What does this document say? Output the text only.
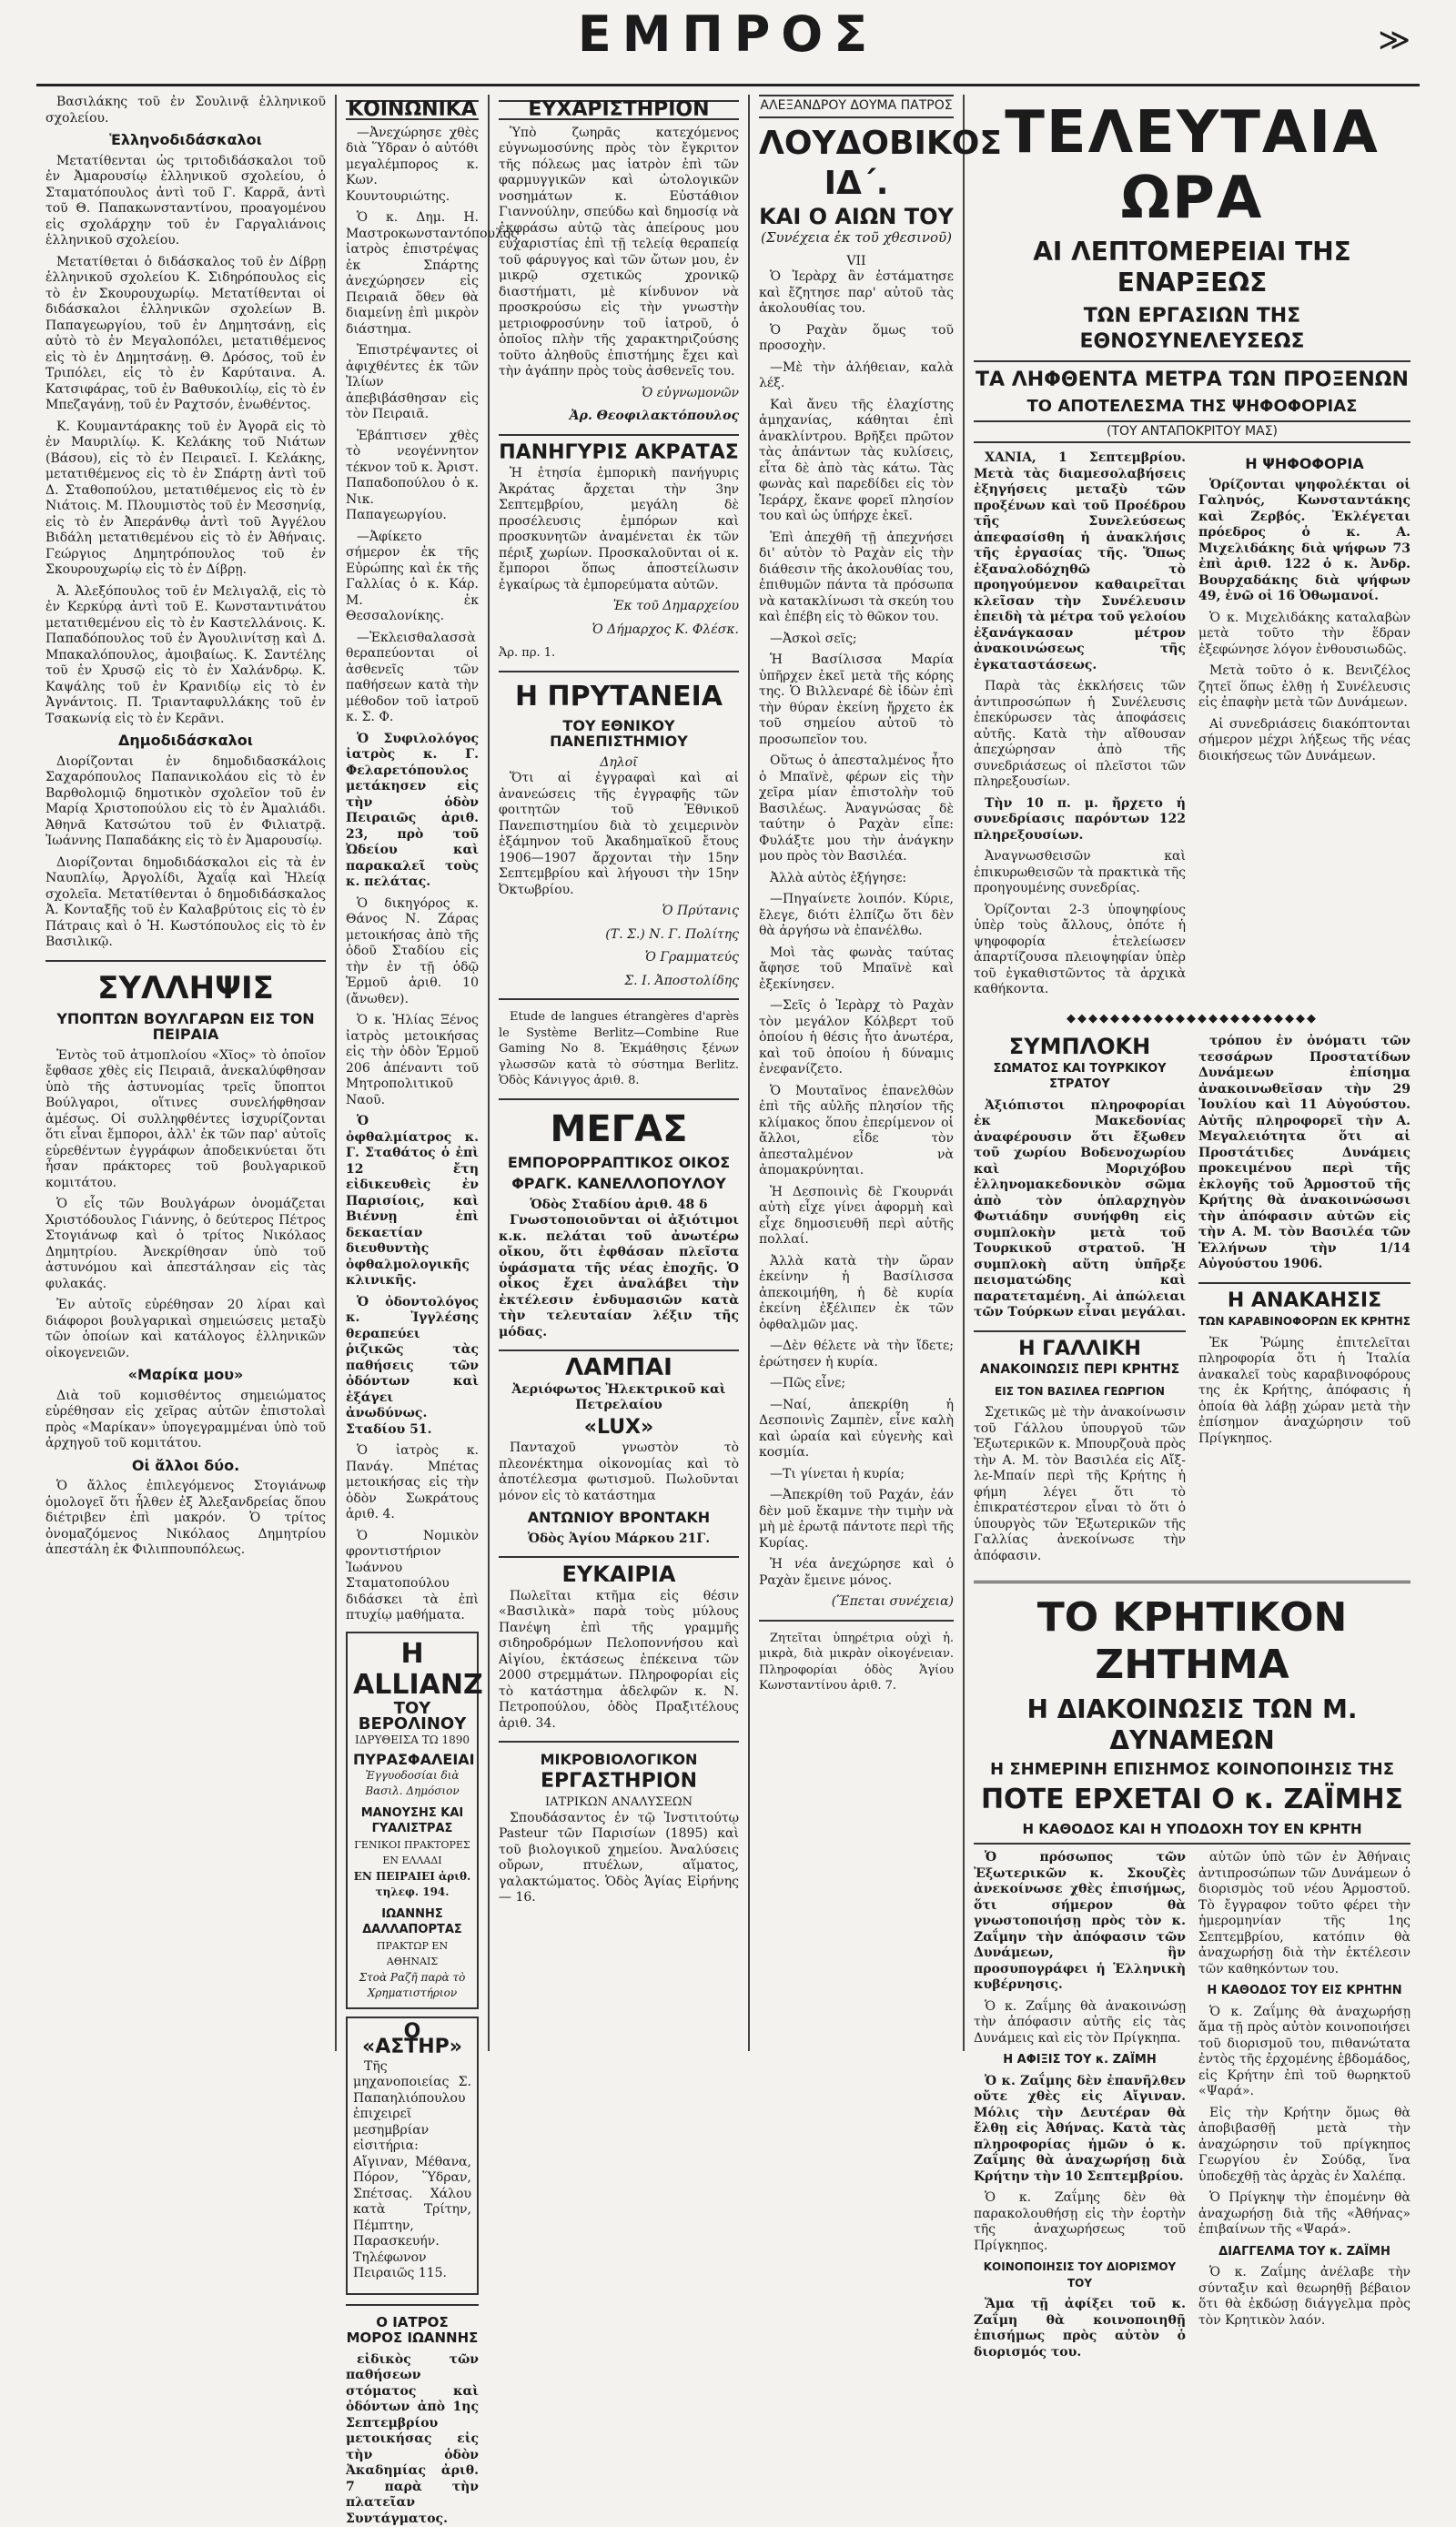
ΕΜΠΡΟΣ	≫

Βασιλάκης τοῦ ἐν Σουλινᾷ ἑλληνικοῦ σχολείου.

Ἑλληνοδιδάσκαλοι

Μετατίθενται ὡς τριτοδιδάσκαλοι τοῦ ἐν Ἀμαρουσίῳ ἑλληνικοῦ σχολείου, ὁ Σταματόπουλος ἀντὶ τοῦ Γ. Καρρᾶ, ἀντὶ τοῦ Θ. Παπακωνσταντίνου, προαγομένου εἰς σχολάρχην τοῦ ἐν Γαργαλιάνοις ἑλληνικοῦ σχολείου.

Μετατίθεται ὁ διδάσκαλος τοῦ ἐν Δίβρῃ ἑλληνικοῦ σχολείου Κ. Σιδηρόπουλος εἰς τὸ ἐν Σκουρουχωρίῳ. Μετατίθενται οἱ διδάσκαλοι ἑλληνικῶν σχολείων Β. Παπαγεωργίου, τοῦ ἐν Δημητσάνῃ, εἰς αὐτὸ τὸ ἐν Μεγαλοπόλει, μετατιθέμενος εἰς τὸ ἐν Δημητσάνῃ. Θ. Δρόσος, τοῦ ἐν Τριπόλει, εἰς τὸ ἐν Καρύταινα. Α. Κατσιφάρας, τοῦ ἐν Βαθυκοιλίῳ, εἰς τὸ ἐν Μπεζαγάνῃ, τοῦ ἐν Ραχτσόν, ἑνωθέντος.

Κ. Κουμαντάρακης τοῦ ἐν Ἀγορᾶ εἰς τὸ ἐν Μαυριλίῳ. Κ. Κελάκης τοῦ Νιάτων (Βάσου), εἰς τὸ ἐν Πειραιεῖ. Ι. Κελάκης, μετατιθέμενος εἰς τὸ ἐν Σπάρτῃ ἀντὶ τοῦ Δ. Σταθοπούλου, μετατιθέμενος εἰς τὸ ἐν Νιάτοις. Μ. Πλουμιστὸς τοῦ ἐν Μεσσηνίᾳ, εἰς τὸ ἐν Ἀπεράνθῳ ἀντὶ τοῦ Ἀγγέλου Βιδάλη μετατιθεμένου εἰς τὸ ἐν Ἀθήναις. Γεώργιος Δημητρόπουλος τοῦ ἐν Σκουρουχωρίῳ εἰς τὸ ἐν Δίβρῃ.

Ἀ. Ἀλεξόπουλος τοῦ ἐν Μελιγαλᾷ, εἰς τὸ ἐν Κερκύρᾳ ἀντὶ τοῦ Ε. Κωνσταντινάτου μετατιθεμένου εἰς τὸ ἐν Καστελλάνοις. Κ. Παπαδόπουλος τοῦ ἐν Ἀγουλινίτσῃ καὶ Δ. Μπακαλόπουλος, ἀμοιβαίως. Κ. Σαντέλης τοῦ ἐν Χρυσῷ εἰς τὸ ἐν Χαλάνδρῳ. Κ. Καψάλης τοῦ ἐν Κρανιδίῳ εἰς τὸ ἐν Ἀγνάντοις. Π. Τριανταφυλλάκης τοῦ ἐν Τσακωνίᾳ εἰς τὸ ἐν Κερᾶνι.

Δημοδιδάσκαλοι

Διορίζονται ἐν δημοδιδασκάλοις Σαχαρόπουλος Παπανικολάου εἰς τὸ ἐν Βαρθολομιῷ δημοτικὸν σχολεῖον τοῦ ἐν Μαρίᾳ Χριστοπούλου εἰς τὸ ἐν Ἀμαλιάδι. Ἀθηνᾶ Κατσώτου τοῦ ἐν Φιλιατρᾷ. Ἰωάννης Παπαδάκης εἰς τὸ ἐν Ἀμαρουσίῳ.

Διορίζονται δημοδιδάσκαλοι εἰς τὰ ἐν Ναυπλίῳ, Ἀργολίδι, Ἀχαΐᾳ καὶ Ἠλείᾳ σχολεῖα. Μετατίθενται ὁ δημοδιδάσκαλος Ἀ. Κονταξῆς τοῦ ἐν Καλαβρύτοις εἰς τὸ ἐν Πάτραις καὶ ὁ Ἠ. Κωστόπουλος εἰς τὸ ἐν Βασιλικῷ.

ΣΥΛΛΗΨΙΣ
ΥΠΟΠΤΩΝ ΒΟΥΛΓΑΡΩΝ ΕΙΣ ΤΟΝ ΠΕΙΡΑΙΑ

Ἐντὸς τοῦ ἀτμοπλοίου «Χῖος» τὸ ὁποῖον ἔφθασε χθὲς εἰς Πειραιᾶ, ἀνεκαλύφθησαν ὑπὸ τῆς ἀστυνομίας τρεῖς ὕποπτοι Βούλγαροι, οἵτινες συνελήφθησαν ἀμέσως. Οἱ συλληφθέντες ἰσχυρίζονται ὅτι εἶναι ἔμποροι, ἀλλ' ἐκ τῶν παρ' αὐτοῖς εὑρεθέντων ἐγγράφων ἀποδεικνύεται ὅτι ἦσαν πράκτορες τοῦ βουλγαρικοῦ κομιτάτου.

Ὁ εἷς τῶν Βουλγάρων ὀνομάζεται Χριστόδουλος Γιάννης, ὁ δεύτερος Πέτρος Στογιάνωφ καὶ ὁ τρίτος Νικόλαος Δημητρίου. Ἀνεκρίθησαν ὑπὸ τοῦ ἀστυνόμου καὶ ἀπεστάλησαν εἰς τὰς φυλακάς.

Ἐν αὐτοῖς εὑρέθησαν 20 λίραι καὶ διάφοροι βουλγαρικαὶ σημειώσεις μεταξὺ τῶν ὁποίων καὶ κατάλογος ἑλληνικῶν οἰκογενειῶν.

«Μαρίκα μου»

Διὰ τοῦ κομισθέντος σημειώματος εὑρέθησαν εἰς χεῖρας αὐτῶν ἐπιστολαὶ πρὸς «Μαρίκαν» ὑπογεγραμμέναι ὑπὸ τοῦ ἀρχηγοῦ τοῦ κομιτάτου.

Οἱ ἄλλοι δύο.

Ὁ ἄλλος ἐπιλεγόμενος Στογιάνωφ ὁμολογεῖ ὅτι ἦλθεν ἐξ Ἀλεξανδρείας ὅπου διέτριβεν ἐπὶ μακρόν. Ὁ τρίτος ὀνομαζόμενος Νικόλαος Δημητρίου ἀπεστάλη ἐκ Φιλιππουπόλεως.

ΚΟΙΝΩΝΙΚΑ

—Ἀνεχώρησε χθὲς διὰ Ὕδραν ὁ αὐτόθι μεγαλέμπορος κ. Κων. Κουντουριώτης.

Ὁ κ. Δημ. Η. Μαστροκωνσταντόπουλος ἰατρὸς ἐπιστρέψας ἐκ Σπάρτης ἀνεχώρησεν εἰς Πειραιᾶ ὅθεν θὰ διαμείνῃ ἐπὶ μικρὸν διάστημα.

Ἐπιστρέψαντες οἱ ἀφιχθέντες ἐκ τῶν Ἰλίων ἀπεβιβάσθησαν εἰς τὸν Πειραιᾶ.

Ἐβάπτισεν χθὲς τὸ νεογέννητον τέκνον τοῦ κ. Ἀριστ. Παπαδοπούλου ὁ κ. Νικ. Παπαγεωργίου.

—Ἀφίκετο σήμερον ἐκ τῆς Εὐρώπης καὶ ἐκ τῆς Γαλλίας ὁ κ. Κάρ. Μ. ἐκ Θεσσαλονίκης.

—Ἐκλεισθαλασσὰ θεραπεύονται οἱ ἀσθενεῖς τῶν παθήσεων κατὰ τὴν μέθοδον τοῦ ἰατροῦ κ. Σ. Φ.

Ὁ Συφιλολόγος ἰατρὸς κ. Γ. Φελαρετόπουλος μετάκησεν εἰς τὴν ὁδὸν Πειραιῶς ἀριθ. 23, πρὸ τοῦ Ὠδείου καὶ παρακαλεῖ τοὺς κ. πελάτας.

Ὁ δικηγόρος κ. Θάνος Ν. Ζάρας μετοικήσας ἀπὸ τῆς ὁδοῦ Σταδίου εἰς τὴν ἐν τῇ ὁδῷ Ἑρμοῦ ἀριθ. 10 (ἄνωθεν).

Ὁ κ. Ἠλίας Ξένος ἰατρὸς μετοικήσας εἰς τὴν ὁδὸν Ἑρμοῦ 206 ἀπέναντι τοῦ Μητροπολιτικοῦ Ναοῦ.

Ὁ ὀφθαλμίατρος κ. Γ. Σταθάτος ὁ ἐπὶ 12 ἔτη εἰδικευθεὶς ἐν Παρισίοις, καὶ Βιέννῃ ἐπὶ δεκαετίαν διευθυντὴς ὀφθαλμολογικῆς κλινικῆς.

Ὁ ὀδοντολόγος κ. Ἰγγλέσης θεραπεύει ῥιζικῶς τὰς παθήσεις τῶν ὀδόντων καὶ ἐξάγει ἀνωδύνως. Σταδίου 51.

Ὁ ἰατρὸς κ. Πανάγ. Μπέτας μετοικήσας εἰς τὴν ὁδὸν Σωκράτους ἀριθ. 4.

Ὁ Νομικὸν φροντιστήριον Ἰωάννου Σταματοπούλου διδάσκει τὰ ἐπὶ πτυχίῳ μαθήματα.

Η ALLIANZ
ΤΟΥ ΒΕΡΟΛΙΝΟΥ
ΙΔΡΥΘΕΙΣΑ ΤΩ 1890
ΠΥΡΑΣΦΑΛΕΙΑΙ
Ἐγγυοδοσίαι διὰ Βασιλ. Δημόσιον
ΜΑΝΟΥΣΗΣ ΚΑΙ ΓΥΑΛΙΣΤΡΑΣ
ΓΕΝΙΚΟΙ ΠΡΑΚΤΟΡΕΣ ΕΝ ΕΛΛΑΔΙ
ΕΝ ΠΕΙΡΑΙΕΙ ἀριθ. τηλεφ. 194.
ΙΩΑΝΝΗΣ ΔΑΛΛΑΠΟΡΤΑΣ
ΠΡΑΚΤΩΡ ΕΝ ΑΘΗΝΑΙΣ
Στοὰ Ραζῆ παρὰ τὸ Χρηματιστήριον
Ο «ΑΣΤΗΡ»

Τῆς μηχανοποιείας Σ. Παπαηλιόπουλου ἐπιχειρεῖ μεσημβρίαν εἰσιτήρια: Αἴγιναν, Μέθανα, Πόρον, Ὕδραν, Σπέτσας. Χάλου κατὰ Τρίτην, Πέμπτην, Παρασκευήν. Τηλέφωνον Πειραιῶς 115.

Ο ΙΑΤΡΟΣ ΜΟΡΟΣ ΙΩΑΝΝΗΣ

εἰδικὸς τῶν παθήσεων στόματος καὶ ὀδόντων ἀπὸ 1ης Σεπτεμβρίου μετοικήσας εἰς τὴν ὁδὸν Ἀκαδημίας ἀριθ. 7 παρὰ τὴν πλατεῖαν Συντάγματος.

ΕΥΧΑΡΙΣΤΗΡΙΟΝ

Ὑπὸ ζωηρᾶς κατεχόμενος εὐγνωμοσύνης πρὸς τὸν ἔγκριτον τῆς πόλεως μας ἰατρὸν ἐπὶ τῶν φαρμυγγικῶν καὶ ὠτολογικῶν νοσημάτων κ. Εὐστάθιον Γιαννούλην, σπεύδω καὶ δημοσίᾳ νὰ ἐκφράσω αὐτῷ τὰς ἀπείρους μου εὐχαριστίας ἐπὶ τῇ τελείᾳ θεραπείᾳ τοῦ φάρυγγος καὶ τῶν ὤτων μου, ἐν μικρῷ σχετικῶς χρονικῷ διαστήματι, μὲ κίνδυνον νὰ προσκρούσω εἰς τὴν γνωστὴν μετριοφροσύνην τοῦ ἰατροῦ, ὁ ὁποῖος πλὴν τῆς χαρακτηριζούσης τοῦτο ἀληθοῦς ἐπιστήμης ἔχει καὶ τὴν ἀγάπην πρὸς τοὺς ἀσθενεῖς του.

Ὁ εὐγνωμονῶν
Ἀρ. Θεοφιλακτόπουλος
ΠΑΝΗΓΥΡΙΣ ΑΚΡΑΤΑΣ

Ἡ ἐτησία ἐμπορικὴ πανήγυρις Ἀκράτας ἄρχεται τὴν 3ην Σεπτεμβρίου, μεγάλη δὲ προσέλευσις ἐμπόρων καὶ προσκυνητῶν ἀναμένεται ἐκ τῶν πέριξ χωρίων. Προσκαλοῦνται οἱ κ. ἔμποροι ὅπως ἀποστείλωσιν ἐγκαίρως τὰ ἐμπορεύματα αὐτῶν.

Ἐκ τοῦ Δημαρχείου
Ὁ Δήμαρχος Κ. Φλέσκ.
Ἀρ. πρ. 1.
Η ΠΡΥΤΑΝΕΙΑ
ΤΟΥ ΕΘΝΙΚΟΥ ΠΑΝΕΠΙΣΤΗΜΙΟΥ
Δηλοῖ

Ὅτι αἱ ἐγγραφαὶ καὶ αἱ ἀνανεώσεις τῆς ἐγγραφῆς τῶν φοιτητῶν τοῦ Ἐθνικοῦ Πανεπιστημίου διὰ τὸ χειμερινὸν ἑξάμηνον τοῦ Ἀκαδημαϊκοῦ ἔτους 1906—1907 ἄρχονται τὴν 15ην Σεπτεμβρίου καὶ λήγουσι τὴν 15ην Ὀκτωβρίου.

Ὁ Πρύτανις
(Τ. Σ.) Ν. Γ. Πολίτης
Ὁ Γραμματεύς
Σ. Ι. Ἀποστολίδης

Etude de langues étrangères d'après le Système Berlitz—Combine Rue Gaming No 8. Ἐκμάθησις ξένων γλωσσῶν κατὰ τὸ σύστημα Berlitz. Ὁδὸς Κάνιγγος ἀριθ. 8.

ΜΕΓΑΣ
ΕΜΠΟΡΟΡΡΑΠΤΙΚΟΣ ΟΙΚΟΣ
ΦΡΑΓΚ. ΚΑΝΕΛΛΟΠΟΥΛΟΥ
Ὁδὸς Σταδίου ἀριθ. 48 δ

Γνωστοποιοῦνται οἱ ἀξιότιμοι κ.κ. πελάται τοῦ ἀνωτέρω οἴκου, ὅτι ἐφθάσαν πλεῖστα ὑφάσματα τῆς νέας ἐποχῆς. Ὁ οἶκος ἔχει ἀναλάβει τὴν ἐκτέλεσιν ἐνδυμασιῶν κατὰ τὴν τελευταίαν λέξιν τῆς μόδας.

ΛΑΜΠΑΙ
Ἀεριόφωτος Ἠλεκτρικοῦ καὶ Πετρελαίου
«LUX»

Πανταχοῦ γνωστὸν τὸ πλεονέκτημα οἰκονομίας καὶ τὸ ἀποτέλεσμα φωτισμοῦ. Πωλοῦνται μόνον εἰς τὸ κατάστημα

ΑΝΤΩΝΙΟΥ ΒΡΟΝΤΑΚΗ
Ὁδὸς Ἁγίου Μάρκου 21Γ.
ΕΥΚΑΙΡΙΑ

Πωλεῖται κτῆμα εἰς θέσιν «Βασιλικὰ» παρὰ τοὺς μύλους Πανέψη ἐπὶ τῆς γραμμῆς σιδηροδρόμων Πελοποννήσου καὶ Αἰγίου, ἐκτάσεως ἐπέκεινα τῶν 2000 στρεμμάτων. Πληροφορίαι εἰς τὸ κατάστημα ἀδελφῶν κ. Ν. Πετροπούλου, ὁδὸς Πραξιτέλους ἀριθ. 34.

ΜΙΚΡΟΒΙΟΛΟΓΙΚΟΝ
ΕΡΓΑΣΤΗΡΙΟΝ
ΙΑΤΡΙΚΩΝ ΑΝΑΛΥΣΕΩΝ

Σπουδάσαντος ἐν τῷ Ἰνστιτούτῳ Pasteur τῶν Παρισίων (1895) καὶ τοῦ βιολογικοῦ χημείου. Ἀναλύσεις οὔρων, πτυέλων, αἵματος, γαλακτώματος. Ὁδὸς Ἁγίας Εἰρήνης — 16.

ΑΛΕΞΑΝΔΡΟΥ ΔΟΥΜΑ ΠΑΤΡΟΣ
ΛΟΥΔΟΒΙΚΟΣ ΙΔ΄.
ΚΑΙ Ο ΑΙΩΝ ΤΟΥ
(Συνέχεια ἐκ τοῦ χθεσινοῦ)
VII

Ὁ Ἰερὰρχ ἂν ἐστάματησε καὶ ἔζητησε παρ' αὐτοῦ τὰς ἀκολουθίας του.

Ὁ Ραχὰν ὅμως τοῦ προσοχὴν.

—Μὲ τὴν ἀλήθειαν, καλὰ λέξ.

Καὶ ἄνευ τῆς ἐλαχίστης ἀμηχανίας, κάθηται ἐπὶ ἀνακλίντρου. Βρῆξει πρῶτον τὰς ἀπάντων τὰς κυλίσεις, εἶτα δὲ ἀπὸ τὰς κάτω. Τὰς φωνὰς καὶ παρεδίδει εἰς τὸν Ἰεράρχ, ἔκανε φορεῖ πλησίον του καὶ ὡς ὑπήρχε ἐκεῖ.

Ἐπὶ ἀπεχθῆ τῇ ἀπεχνήσει δι' αὐτὸν τὸ Ραχὰν εἰς τὴν διάθεσιν τῆς ἀκολουθίας του, ἐπιθυμῶν πάντα τὰ πρόσωπα νὰ κατακλίνωσι τὰ σκεύη του καὶ ἐπέβη εἰς τὸ θῶκον του.

—Ἀσκοὶ σεῖς;

Ἡ Βασίλισσα Μαρία ὑπῆρχεν ἐκεῖ μετὰ τῆς κόρης της. Ὁ Βιλλεναρέ δὲ ἰδὼν ἐπὶ τὴν θύραν ἐκείνη ἤρχετο ἐκ τοῦ σημείου αὐτοῦ τὸ προσωπεῖον του.

Οὕτως ὁ ἀπεσταλμένος ἦτο ὁ Μπαϊνὲ, φέρων εἰς τὴν χεῖρα μίαν ἐπιστολὴν τοῦ Βασιλέως. Ἀναγνώσας δὲ ταύτην ὁ Ραχὰν εἶπε: Φυλάξτε μου τὴν ἀνάγκην μου πρὸς τὸν Βασιλέα.

Ἀλλὰ αὐτὸς ἐξήγησε:

—Πηγαίνετε λοιπόν. Κύριε, ἔλεγε, διότι ἐλπίζω ὅτι δὲν θὰ ἀργήσω νὰ ἐπανέλθω.

Μοὶ τὰς φωνὰς ταύτας ἄφησε τοῦ Μπαϊνὲ καὶ ἐξεκίνησεν.

—Σεῖς ὁ Ἰερὰρχ τὸ Ραχὰν τὸν μεγάλον Κόλβερτ τοῦ ὁποίου ἡ θέσις ἦτο ἀνωτέρα, καὶ τοῦ ὁποίου ἡ δύναμις ἐνεφανίζετο.

Ὁ Μουταῖνος ἐπανελθὼν ἐπὶ τῆς αὐλῆς πλησίον τῆς κλίμακος ὅπου ἐπερίμενον οἱ ἄλλοι, εἶδε τὸν ἀπεσταλμένον νὰ ἀπομακρύνηται.

Ἡ Δεσποινὶς δὲ Γκουρνάι αὐτὴ εἶχε γίνει ἀφορμὴ καὶ εἶχε δημοσιευθῆ περὶ αὐτῆς πολλαί.

Ἀλλὰ κατὰ τὴν ὥραν ἐκείνην ἡ Βασίλισσα ἀπεκοιμήθη, ἡ δὲ κυρία ἐκείνη ἐξέλιπεν ἐκ τῶν ὀφθαλμῶν μας.

—Δὲν θέλετε νὰ τὴν ἴδετε; ἐρώτησεν ἡ κυρία.

—Πῶς εἶνε;

—Ναί, ἀπεκρίθη ἡ Δεσποινὶς Ζαμπὲν, εἶνε καλὴ καὶ ὡραία καὶ εὐγενὴς καὶ κοσμία.

—Τι γίνεται ἡ κυρία;

—Ἀπεκρίθη τοῦ Ραχάν, ἐάν δὲν μοῦ ἔκαμνε τὴν τιμὴν νὰ μὴ μὲ ἐρωτᾷ πάντοτε περὶ τῆς Κυρίας.

Ἡ νέα ἀνεχώρησε καὶ ὁ Ραχὰν ἔμεινε μόνος.

(Ἕπεται συνέχεια)

Ζητεῖται ὑπηρέτρια οὐχὶ ἡ. μικρὰ, διὰ μικρὰν οἰκογένειαν. Πληροφορίαι ὁδὸς Ἁγίου Κωνσταντίνου ἀριθ. 7.

ΤΕΛΕΥΤΑΙΑ ΩΡΑ
ΑΙ ΛΕΠΤΟΜΕΡΕΙΑΙ ΤΗΣ ΕΝΑΡΞΕΩΣ
ΤΩΝ ΕΡΓΑΣΙΩΝ ΤΗΣ ΕΘΝΟΣΥΝΕΛΕΥΣΕΩΣ
ΤΑ ΛΗΦΘΕΝΤΑ ΜΕΤΡΑ ΤΩΝ ΠΡΟΞΕΝΩΝ
ΤΟ ΑΠΟΤΕΛΕΣΜΑ ΤΗΣ ΨΗΦΟΦΟΡΙΑΣ
(ΤΟΥ ΑΝΤΑΠΟΚΡΙΤΟΥ ΜΑΣ)

ΧΑΝΙΑ, 1 Σεπτεμβρίου. Μετὰ τὰς διαμεσολαβήσεις ἐξηγήσεις μεταξὺ τῶν προξένων καὶ τοῦ Προέδρου τῆς Συνελεύσεως ἀπεφασίσθη ἡ ἀνακλήσις τῆς ἐργασίας τῆς. Ὅπως ἐξαναλοδόχηθῶ τὸ προηγούμενον καθαιρεῖται κλεῖσαν τὴν Συνέλευσιν ἐπειδὴ τὰ μέτρα τοῦ γελοίου ἐξανάγκασαν μέτρον ἀνακοινώσεως τῆς ἐγκαταστάσεως.

Παρὰ τὰς ἐκκλήσεις τῶν ἀντιπροσώπων ἡ Συνέλευσις ἐπεκύρωσεν τὰς ἀποφάσεις αὐτῆς. Κατὰ τὴν αἴθουσαν ἀπεχώρησαν ἀπὸ τῆς συνεδριάσεως οἱ πλεῖστοι τῶν πληρεξουσίων.

Τὴν 10 π. μ. ἤρχετο ἡ συνεδρίασις παρόντων 122 πληρεξουσίων.

Ἀναγνωσθεισῶν καὶ ἐπικυρωθεισῶν τὰ πρακτικὰ τῆς προηγουμένης συνεδρίας.

Ὁρίζονται 2-3 ὑποψηφίους ὑπὲρ τοὺς ἄλλους, ὁπότε ἡ ψηφοφορία ἐτελείωσεν ἀπαρτίζουσα πλειοψηφίαν ὑπὲρ τοῦ ἐγκαθιστῶντος τὰ ἀρχικὰ καθήκοντα.

Η ΨΗΦΟΦΟΡΙΑ

Ὁρίζονται ψηφολέκται οἱ Γαληνός, Κωνσταντάκης καὶ Ζερβός. Ἐκλέγεται πρόεδρος ὁ κ. Α. Μιχελιδάκης διὰ ψήφων 73 ἐπὶ ἀριθ. 122 ὁ κ. Ἀνδρ. Βουρχαδάκης διὰ ψήφων 49, ἐνῶ οἱ 16 Ὀθωμανοί.

Ὁ κ. Μιχελιδάκης καταλαβὼν μετὰ τοῦτο τὴν ἕδραν ἐξεφώνησε λόγον ἐνθουσιωδῶς.

Μετὰ τοῦτο ὁ κ. Βενιζέλος ζητεῖ ὅπως ἐλθῃ ἡ Συνέλευσις εἰς ἐπαφὴν μετὰ τῶν Δυνάμεων.

Αἱ συνεδριάσεις διακόπτονται σήμερον μέχρι λήξεως τῆς νέας διοικήσεως τῶν Δυνάμεων.

◆◆◆◆◆◆◆◆◆◆◆◆◆◆◆◆◆◆◆◆◆◆◆
ΣΥΜΠΛΟΚΗ
ΣΩΜΑΤΟΣ ΚΑΙ ΤΟΥΡΚΙΚΟΥ ΣΤΡΑΤΟΥ

Ἀξιόπιστοι πληροφορίαι ἐκ Μακεδονίας ἀναφέρουσιν ὅτι ἔξωθεν τοῦ χωρίου Βοδενοχωρίου καὶ Μοριχόβου ἑλληνομακεδονικὸν σῶμα ἀπὸ τὸν ὁπλαρχηγὸν Φωτιάδην συνήφθη εἰς συμπλοκὴν μετὰ τοῦ Τουρκικοῦ στρατοῦ. Ἡ συμπλοκὴ αὕτη ὑπῆρξε πεισματώδης καὶ παρατεταμένη. Αἱ ἀπώλειαι τῶν Τούρκων εἶναι μεγάλαι.

Η ΓΑΛΛΙΚΗ
ΑΝΑΚΟΙΝΩΣΙΣ ΠΕΡΙ ΚΡΗΤΗΣ
ΕΙΣ ΤΟΝ ΒΑΣΙΛΕΑ ΓΕΩΡΓΙΟΝ

Σχετικῶς μὲ τὴν ἀνακοίνωσιν τοῦ Γάλλου ὑπουργοῦ τῶν Ἐξωτερικῶν κ. Μπουρζουὰ πρὸς τὴν Α. Μ. τὸν Βασιλέα εἰς Αἴξ-λε-Μπαίν περὶ τῆς Κρήτης ἡ φήμη λέγει ὅτι τὸ ἐπικρατέστερον εἶναι τὸ ὅτι ὁ ὑπουργὸς τῶν Ἐξωτερικῶν τῆς Γαλλίας ἀνεκοίνωσε τὴν ἀπόφασιν.

τρόπου ἐν ὀνόματι τῶν τεσσάρων Προστατίδων Δυνάμεων ἐπίσημα ἀνακοινωθεῖσαν τὴν 29 Ἰουλίου καὶ 11 Αὐγούστου. Αὐτῆς πληροφορεῖ τὴν Α. Μεγαλειότητα ὅτι αἱ Προστάτιδες Δυνάμεις προκειμένου περὶ τῆς ἐκλογῆς τοῦ Ἁρμοστοῦ τῆς Κρήτης θὰ ἀνακοινώσωσι τὴν ἀπόφασιν αὐτῶν εἰς τὴν Α. Μ. τὸν Βασιλέα τῶν Ἑλλήνων τὴν 1/14 Αὐγούστου 1906.

Η ΑΝΑΚΑΗΣΙΣ
ΤΩΝ ΚΑΡΑΒΙΝΟΦΟΡΩΝ ΕΚ ΚΡΗΤΗΣ

Ἐκ Ῥώμης ἐπιτελεῖται πληροφορία ὅτι ἡ Ἰταλία ἀνακαλεῖ τοὺς καραβινοφόρους της ἐκ Κρήτης, ἀπόφασις ἡ ὁποία θὰ λάβῃ χώραν μετὰ τὴν ἐπίσημον ἀναχώρησιν τοῦ Πρίγκηπος.

ΤΟ ΚΡΗΤΙΚΟΝ ΖΗΤΗΜΑ
Η ΔΙΑΚΟΙΝΩΣΙΣ ΤΩΝ Μ. ΔΥΝΑΜΕΩΝ
Η ΣΗΜΕΡΙΝΗ ΕΠΙΣΗΜΟΣ ΚΟΙΝΟΠΟΙΗΣΙΣ ΤΗΣ
ΠΟΤΕ ΕΡΧΕΤΑΙ Ο κ. ΖΑΪΜΗΣ
Η ΚΑΘΟΔΟΣ ΚΑΙ Η ΥΠΟΔΟΧΗ ΤΟΥ ΕΝ ΚΡΗΤΗ

Ὁ πρόσωπος τῶν Ἐξωτερικῶν κ. Σκουζὲς ἀνεκοίνωσε χθὲς ἐπισήμως, ὅτι σήμερον θὰ γνωστοποιήσῃ πρὸς τὸν κ. Ζαΐμην τὴν ἀπόφασιν τῶν Δυνάμεων, ἣν προσυπογράφει ἡ Ἑλληνικὴ κυβέρνησις.

Ὁ κ. Ζαΐμης θὰ ἀνακοινώσῃ τὴν ἀπόφασιν αὐτῆς εἰς τὰς Δυνάμεις καὶ εἰς τὸν Πρίγκηπα.

Η ΑΦΙΞΙΣ ΤΟΥ κ. ΖΑΪΜΗ

Ὁ κ. Ζαΐμης δὲν ἐπανῆλθεν οὔτε χθὲς εἰς Αἴγιναν. Μόλις τὴν Δευτέραν θὰ ἔλθῃ εἰς Ἀθήνας. Κατὰ τὰς πληροφορίας ἡμῶν ὁ κ. Ζαΐμης θὰ ἀναχωρήσῃ διὰ Κρήτην τὴν 10 Σεπτεμβρίου.

Ὁ κ. Ζαΐμης δὲν θὰ παρακολουθήσῃ εἰς τὴν ἑορτὴν τῆς ἀναχωρήσεως τοῦ Πρίγκηπος.

ΚΟΙΝΟΠΟΙΗΣΙΣ ΤΟΥ ΔΙΟΡΙΣΜΟΥ ΤΟΥ

Ἅμα τῇ ἀφίξει τοῦ κ. Ζαΐμη θὰ κοινοποιηθῇ ἐπισήμως πρὸς αὐτὸν ὁ διορισμός του.

αὐτῶν ὑπὸ τῶν ἐν Ἀθήναις ἀντιπροσώπων τῶν Δυνάμεων ὁ διορισμὸς τοῦ νέου Ἁρμοστοῦ. Τὸ ἔγγραφον τοῦτο φέρει τὴν ἡμερομηνίαν τῆς 1ης Σεπτεμβρίου, κατόπιν θὰ ἀναχωρήσῃ διὰ τὴν ἐκτέλεσιν τῶν καθηκόντων του.

Η ΚΑΘΟΔΟΣ ΤΟΥ ΕΙΣ ΚΡΗΤΗΝ

Ὁ κ. Ζαΐμης θὰ ἀναχωρήσῃ ἅμα τῇ πρὸς αὐτὸν κοινοποιήσει τοῦ διορισμοῦ του, πιθανώτατα ἐντὸς τῆς ἐρχομένης ἑβδομάδος, εἰς Κρήτην ἐπὶ τοῦ θωρηκτοῦ «Ψαρά».

Εἰς τὴν Κρήτην ὅμως θὰ ἀποβιβασθῇ μετὰ τὴν ἀναχώρησιν τοῦ πρίγκηπος Γεωργίου ἐν Σούδᾳ, ἵνα ὑποδεχθῇ τὰς ἀρχὰς ἐν Χαλέπᾳ.

Ὁ Πρίγκηψ τὴν ἐπομένην θὰ ἀναχωρήσῃ διὰ τῆς «Ἀθήνας» ἐπιβαίνων τῆς «Ψαρά».

ΔΙΑΓΓΕΛΜΑ ΤΟΥ κ. ΖΑΪΜΗ

Ὁ κ. Ζαΐμης ἀνέλαβε τὴν σύνταξιν καὶ θεωρηθῇ βέβαιον ὅτι θὰ ἐκδώσῃ διάγγελμα πρὸς τὸν Κρητικὸν λαόν.
